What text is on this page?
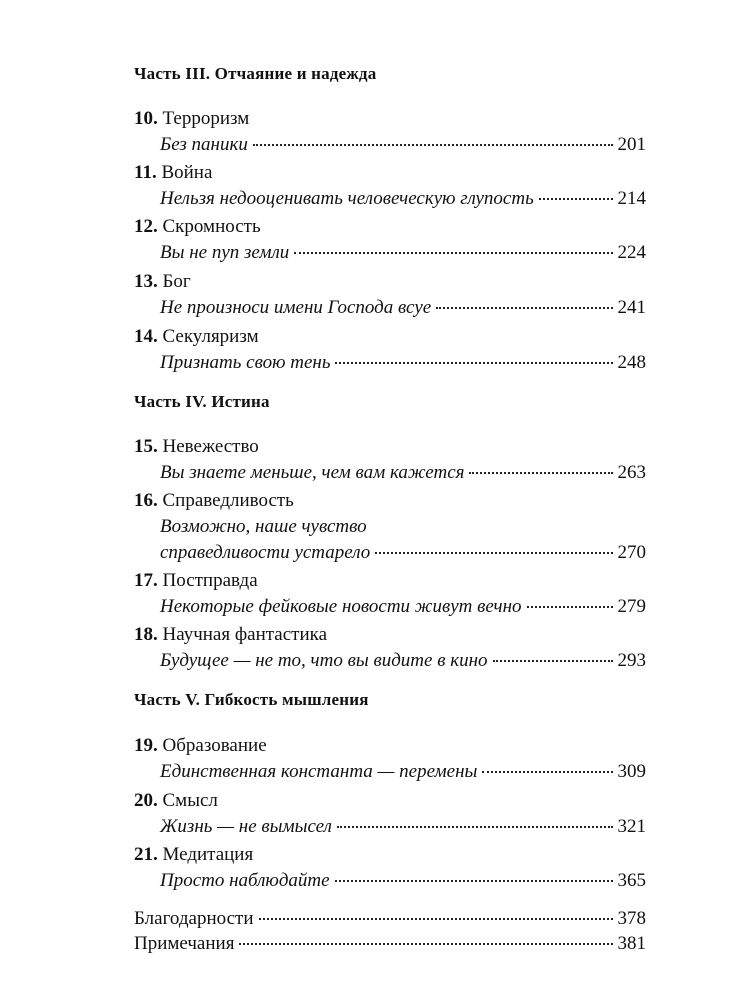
Часть III. Отчаяние и надежда
10. Терроризм
Без паники	201
11. Война
Нельзя недооценивать человеческую глупость	214
12. Скромность
Вы не пуп земли	224
13. Бог
Не произноси имени Господа всуе	241
14. Секуляризм
Признать свою тень	248
Часть IV. Истина
15. Невежество
Вы знаете меньше, чем вам кажется	263
16. Справедливость
Возможно, наше чувство
справедливости устарело	270
17. Постправда
Некоторые фейковые новости живут вечно	279
18. Научная фантастика
Будущее — не то, что вы видите в кино	293
Часть V. Гибкость мышления
19. Образование
Единственная константа — перемены	309
20. Смысл
Жизнь — не вымысел	321
21. Медитация
Просто наблюдайте	365
Благодарности	378
Примечания	381
